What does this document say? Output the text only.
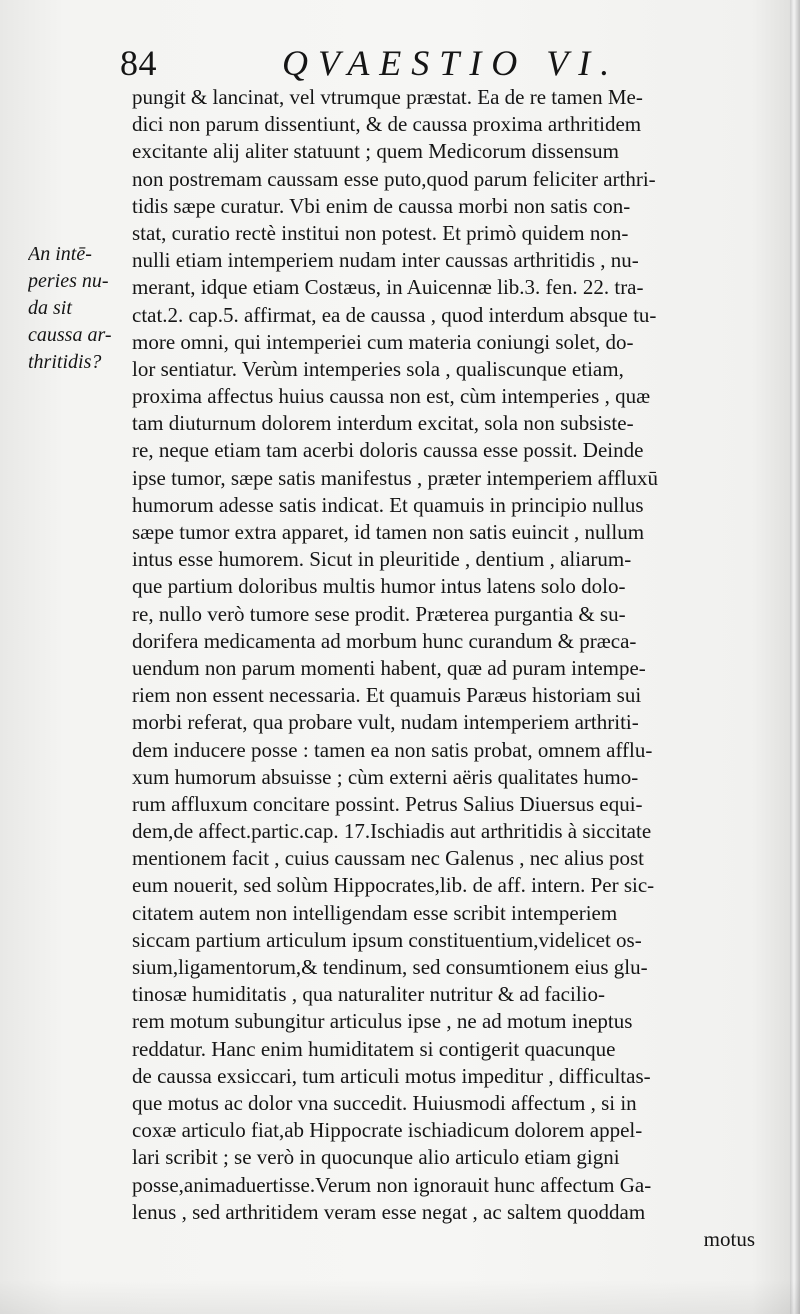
84	QVAESTIO VI.
An intē-
peries nu-
da sit
caussa ar-
thritidis?
pungit & lancinat, vel vtrumque præstat. Ea de re tamen Me-
dici non parum dissentiunt, & de caussa proxima arthritidem
excitante alij aliter statuunt ; quem Medicorum dissensum
non postremam caussam esse puto,quod parum feliciter arthri-
tidis sæpe curatur. Vbi enim de caussa morbi non satis con-
stat, curatio rectè institui non potest. Et primò quidem non-
nulli etiam intemperiem nudam inter caussas arthritidis , nu-
merant, idque etiam Costæus, in Auicennæ lib.3. fen. 22. tra-
ctat.2. cap.5. affirmat, ea de caussa , quod interdum absque tu-
more omni, qui intemperiei cum materia coniungi solet, do-
lor sentiatur. Verùm intemperies sola , qualiscunque etiam,
proxima affectus huius caussa non est, cùm intemperies , quæ
tam diuturnum dolorem interdum excitat, sola non subsiste-
re, neque etiam tam acerbi doloris caussa esse possit. Deinde
ipse tumor, sæpe satis manifestus , præter intemperiem affluxū
humorum adesse satis indicat. Et quamuis in principio nullus
sæpe tumor extra apparet, id tamen non satis euincit , nullum
intus esse humorem. Sicut in pleuritide , dentium , aliarum-
que partium doloribus multis humor intus latens solo dolo-
re, nullo verò tumore sese prodit. Præterea purgantia & su-
dorifera medicamenta ad morbum hunc curandum & præca-
uendum non parum momenti habent, quæ ad puram intempe-
riem non essent necessaria. Et quamuis Paræus historiam sui
morbi referat, qua probare vult, nudam intemperiem arthriti-
dem inducere posse : tamen ea non satis probat, omnem afflu-
xum humorum absuisse ; cùm externi aëris qualitates humo-
rum affluxum concitare possint. Petrus Salius Diuersus equi-
dem,de affect.partic.cap. 17.Ischiadis aut arthritidis à siccitate
mentionem facit , cuius caussam nec Galenus , nec alius post
eum nouerit, sed solùm Hippocrates,lib. de aff. intern. Per sic-
citatem autem non intelligendam esse scribit intemperiem
siccam partium articulum ipsum constituentium,videlicet os-
sium,ligamentorum,& tendinum, sed consumtionem eius glu-
tinosæ humiditatis , qua naturaliter nutritur & ad facilio-
rem motum subungitur articulus ipse , ne ad motum ineptus
reddatur. Hanc enim humiditatem si contigerit quacunque
de caussa exsiccari, tum articuli motus impeditur , difficultas-
que motus ac dolor vna succedit. Huiusmodi affectum , si in
coxæ articulo fiat,ab Hippocrate ischiadicum dolorem appel-
lari scribit ; se verò in quocunque alio articulo etiam gigni
posse,animaduertisse.Verum non ignorauit hunc affectum Ga-
lenus , sed arthritidem veram esse negat , ac saltem quoddam
motus
